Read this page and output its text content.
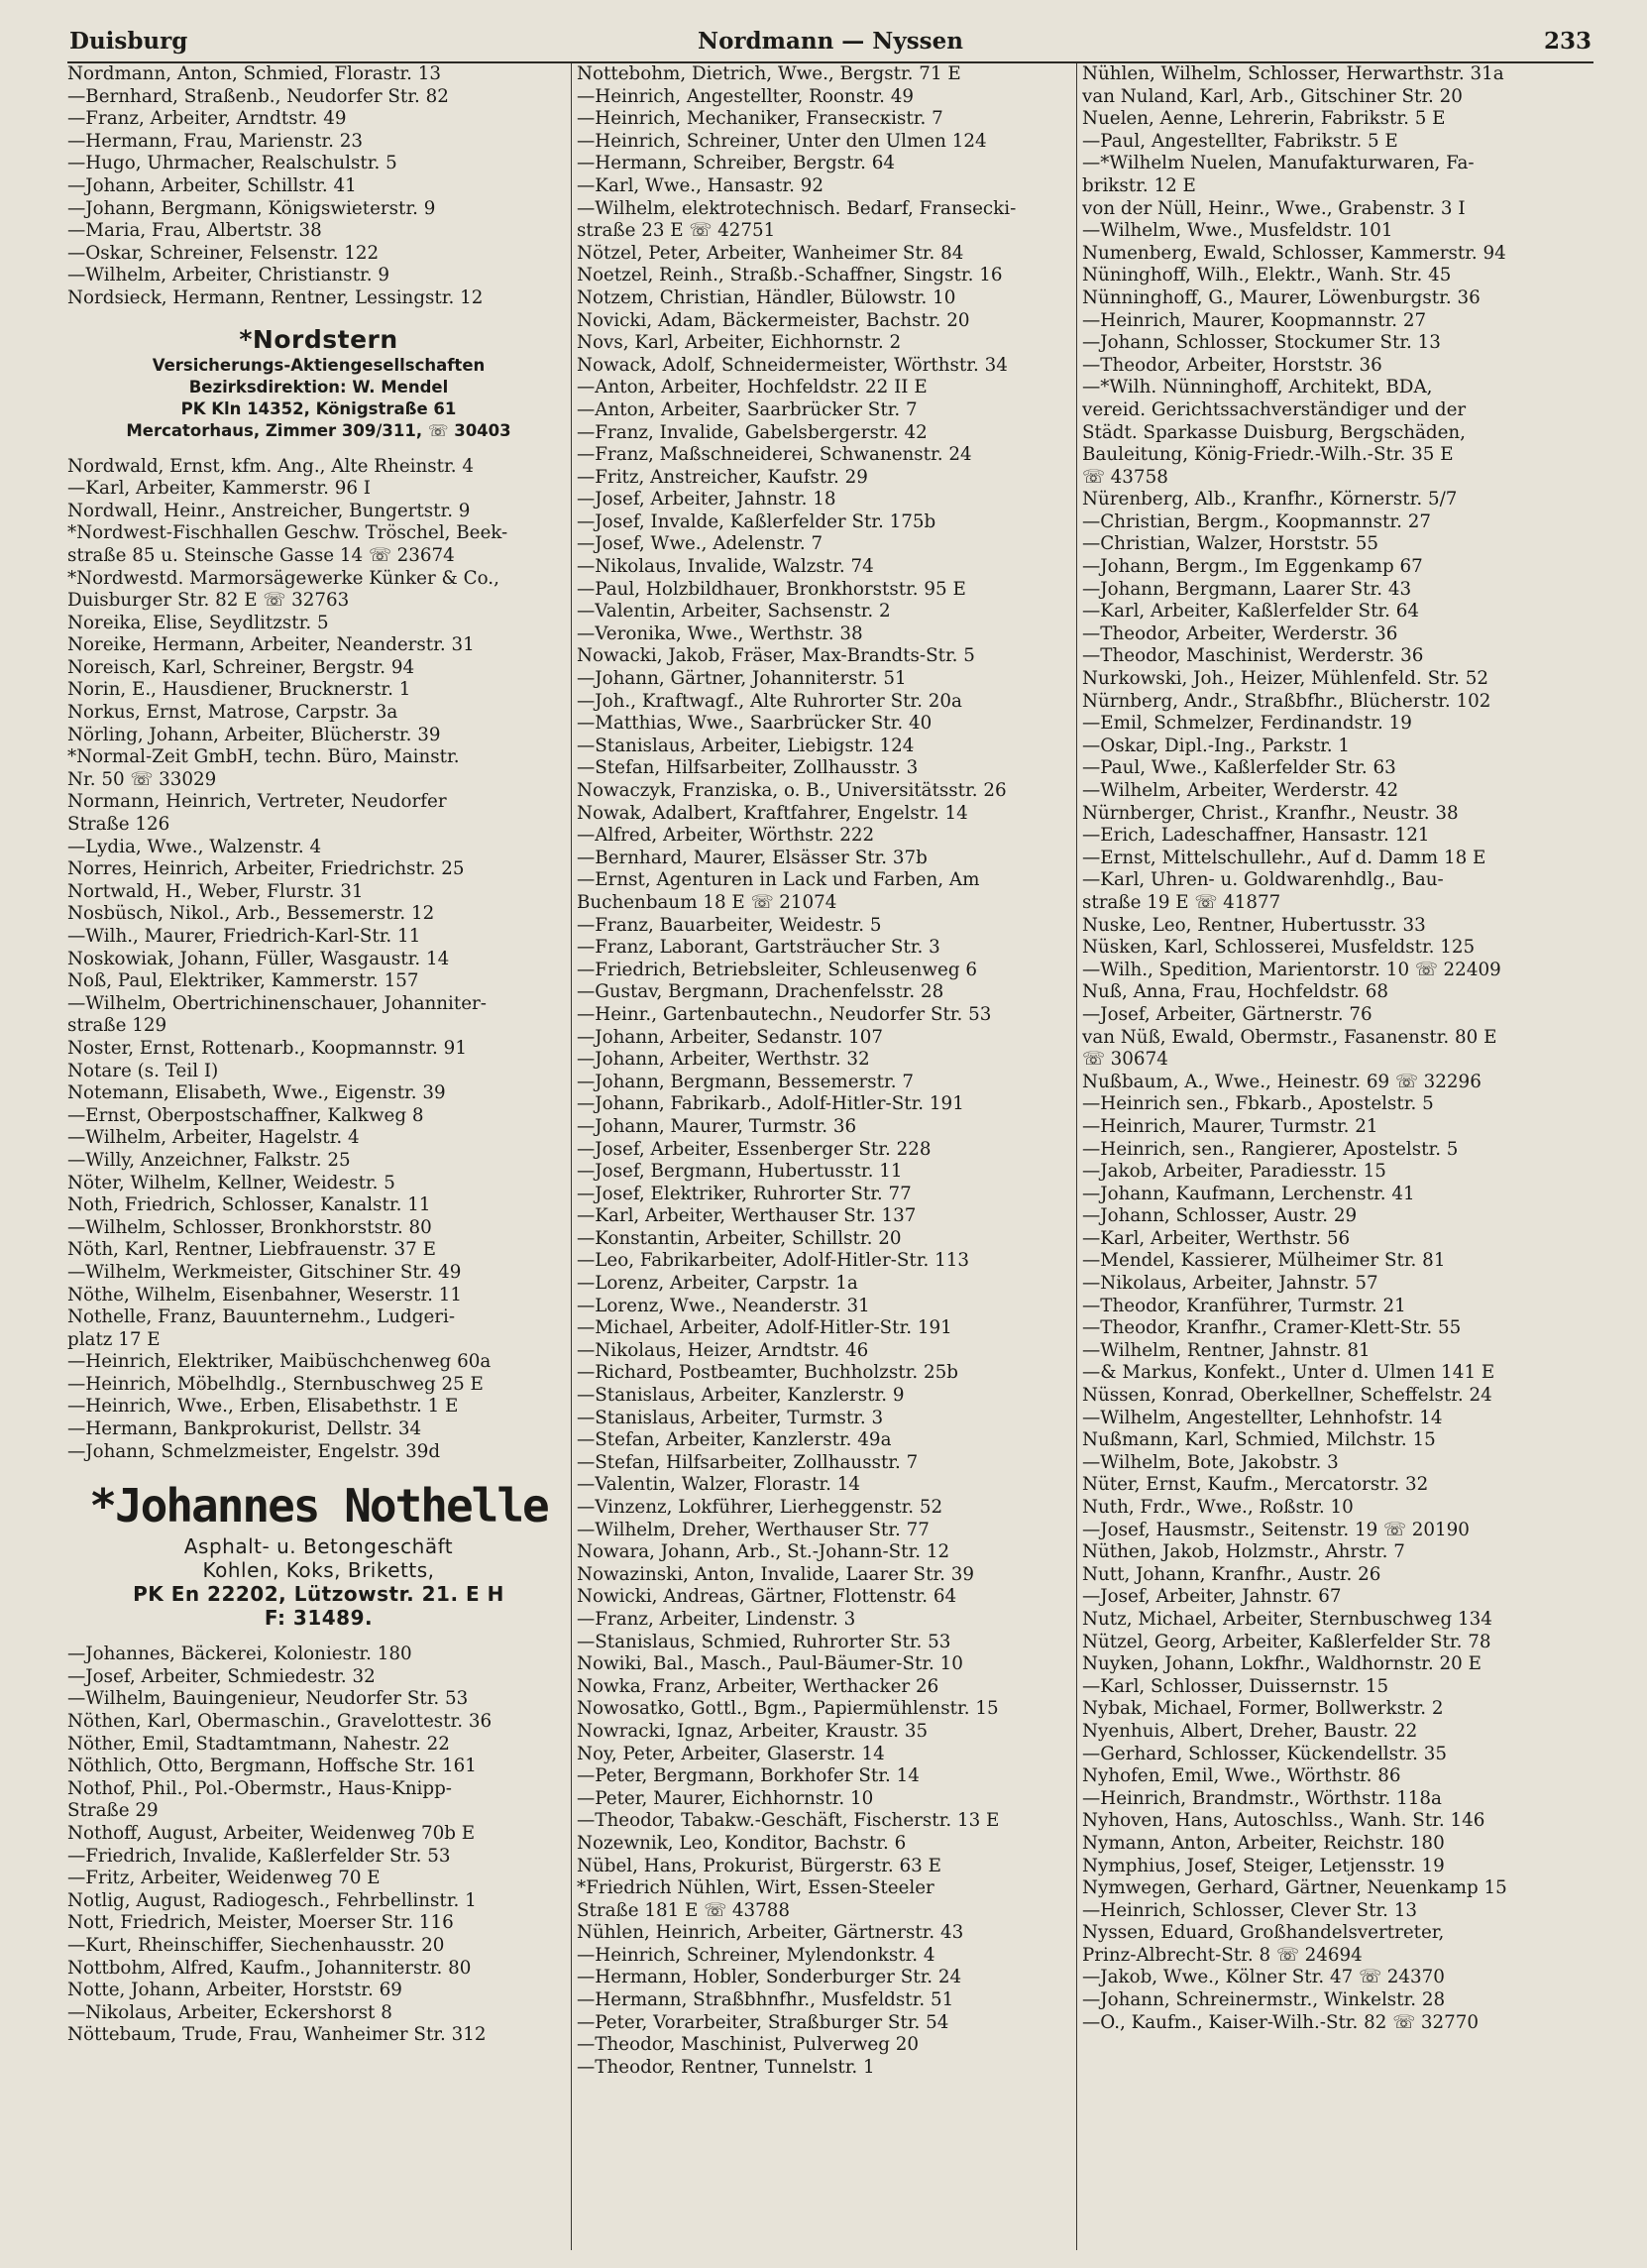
Duisburg	Nordmann — Nyssen	233
Nordmann, Anton, Schmied, Florastr. 13
—Bernhard, Straßenb., Neudorfer Str. 82
—Franz, Arbeiter, Arndtstr. 49
—Hermann, Frau, Marienstr. 23
—Hugo, Uhrmacher, Realschulstr. 5
—Johann, Arbeiter, Schillstr. 41
—Johann, Bergmann, Königswieterstr. 9
—Maria, Frau, Albertstr. 38
—Oskar, Schreiner, Felsenstr. 122
—Wilhelm, Arbeiter, Christianstr. 9
Nordsieck, Hermann, Rentner, Lessingstr. 12
*Nordstern
Versicherungs-Aktiengesellschaften
Bezirksdirektion: W. Mendel
PK Kln 14352, Königstraße 61
Mercatorhaus, Zimmer 309/311, ☏ 30403
Nordwald, Ernst, kfm. Ang., Alte Rheinstr. 4
—Karl, Arbeiter, Kammerstr. 96 I
Nordwall, Heinr., Anstreicher, Bungertstr. 9
*Nordwest-Fischhallen Geschw. Tröschel, Beek-
straße 85 u. Steinsche Gasse 14 ☏ 23674
*Nordwestd. Marmorsägewerke Künker & Co.,
Duisburger Str. 82 E ☏ 32763
Noreika, Elise, Seydlitzstr. 5
Noreike, Hermann, Arbeiter, Neanderstr. 31
Noreisch, Karl, Schreiner, Bergstr. 94
Norin, E., Hausdiener, Brucknerstr. 1
Norkus, Ernst, Matrose, Carpstr. 3a
Nörling, Johann, Arbeiter, Blücherstr. 39
*Normal-Zeit GmbH, techn. Büro, Mainstr.
Nr. 50 ☏ 33029
Normann, Heinrich, Vertreter, Neudorfer
Straße 126
—Lydia, Wwe., Walzenstr. 4
Norres, Heinrich, Arbeiter, Friedrichstr. 25
Nortwald, H., Weber, Flurstr. 31
Nosbüsch, Nikol., Arb., Bessemerstr. 12
—Wilh., Maurer, Friedrich-Karl-Str. 11
Noskowiak, Johann, Füller, Wasgaustr. 14
Noß, Paul, Elektriker, Kammerstr. 157
—Wilhelm, Obertrichinenschauer, Johanniter-
straße 129
Noster, Ernst, Rottenarb., Koopmannstr. 91
Notare (s. Teil I)
Notemann, Elisabeth, Wwe., Eigenstr. 39
—Ernst, Oberpostschaffner, Kalkweg 8
—Wilhelm, Arbeiter, Hagelstr. 4
—Willy, Anzeichner, Falkstr. 25
Nöter, Wilhelm, Kellner, Weidestr. 5
Noth, Friedrich, Schlosser, Kanalstr. 11
—Wilhelm, Schlosser, Bronkhorststr. 80
Nöth, Karl, Rentner, Liebfrauenstr. 37 E
—Wilhelm, Werkmeister, Gitschiner Str. 49
Nöthe, Wilhelm, Eisenbahner, Weserstr. 11
Nothelle, Franz, Bauunternehm., Ludgeri-
platz 17 E
—Heinrich, Elektriker, Maibüschchenweg 60a
—Heinrich, Möbelhdlg., Sternbuschweg 25 E
—Heinrich, Wwe., Erben, Elisabethstr. 1 E
—Hermann, Bankprokurist, Dellstr. 34
—Johann, Schmelzmeister, Engelstr. 39d
*Johannes Nothelle
Asphalt- u. Betongeschäft
Kohlen, Koks, Briketts,
PK En 22202, Lützowstr. 21. E H
F: 31489.
—Johannes, Bäckerei, Koloniestr. 180
—Josef, Arbeiter, Schmiedestr. 32
—Wilhelm, Bauingenieur, Neudorfer Str. 53
Nöthen, Karl, Obermaschin., Gravelottestr. 36
Nöther, Emil, Stadtamtmann, Nahestr. 22
Nöthlich, Otto, Bergmann, Hoffsche Str. 161
Nothof, Phil., Pol.-Obermstr., Haus-Knipp-
Straße 29
Nothoff, August, Arbeiter, Weidenweg 70b E
—Friedrich, Invalide, Kaßlerfelder Str. 53
—Fritz, Arbeiter, Weidenweg 70 E
Notlig, August, Radiogesch., Fehrbellinstr. 1
Nott, Friedrich, Meister, Moerser Str. 116
—Kurt, Rheinschiffer, Siechenhausstr. 20
Nottbohm, Alfred, Kaufm., Johanniterstr. 80
Notte, Johann, Arbeiter, Horststr. 69
—Nikolaus, Arbeiter, Eckershorst 8
Nöttebaum, Trude, Frau, Wanheimer Str. 312
Nottebohm, Dietrich, Wwe., Bergstr. 71 E
—Heinrich, Angestellter, Roonstr. 49
—Heinrich, Mechaniker, Fransecкistr. 7
—Heinrich, Schreiner, Unter den Ulmen 124
—Hermann, Schreiber, Bergstr. 64
—Karl, Wwe., Hansastr. 92
—Wilhelm, elektrotechnisch. Bedarf, Fransecki-
straße 23 E ☏ 42751
Nötzel, Peter, Arbeiter, Wanheimer Str. 84
Noetzel, Reinh., Straßb.-Schaffner, Singstr. 16
Notzem, Christian, Händler, Bülowstr. 10
Novicki, Adam, Bäckermeister, Bachstr. 20
Novs, Karl, Arbeiter, Eichhornstr. 2
Nowack, Adolf, Schneidermeister, Wörthstr. 34
—Anton, Arbeiter, Hochfeldstr. 22 II E
—Anton, Arbeiter, Saarbrücker Str. 7
—Franz, Invalide, Gabelsbergerstr. 42
—Franz, Maßschneiderei, Schwanenstr. 24
—Fritz, Anstreicher, Kaufstr. 29
—Josef, Arbeiter, Jahnstr. 18
—Josef, Invalde, Kaßlerfelder Str. 175b
—Josef, Wwe., Adelenstr. 7
—Nikolaus, Invalide, Walzstr. 74
—Paul, Holzbildhauer, Bronkhorststr. 95 E
—Valentin, Arbeiter, Sachsenstr. 2
—Veronika, Wwe., Werthstr. 38
Nowacki, Jakob, Fräser, Max-Brandts-Str. 5
—Johann, Gärtner, Johanniterstr. 51
—Joh., Kraftwagf., Alte Ruhrorter Str. 20a
—Matthias, Wwe., Saarbrücker Str. 40
—Stanislaus, Arbeiter, Liebigstr. 124
—Stefan, Hilfsarbeiter, Zollhausstr. 3
Nowaczyk, Franziska, o. B., Universitätsstr. 26
Nowak, Adalbert, Kraftfahrer, Engelstr. 14
—Alfred, Arbeiter, Wörthstr. 222
—Bernhard, Maurer, Elsässer Str. 37b
—Ernst, Agenturen in Lack und Farben, Am
Buchenbaum 18 E ☏ 21074
—Franz, Bauarbeiter, Weidestr. 5
—Franz, Laborant, Gartsträucher Str. 3
—Friedrich, Betriebsleiter, Schleusenweg 6
—Gustav, Bergmann, Drachenfelsstr. 28
—Heinr., Gartenbautechn., Neudorfer Str. 53
—Johann, Arbeiter, Sedanstr. 107
—Johann, Arbeiter, Werthstr. 32
—Johann, Bergmann, Bessemerstr. 7
—Johann, Fabrikarb., Adolf-Hitler-Str. 191
—Johann, Maurer, Turmstr. 36
—Josef, Arbeiter, Essenberger Str. 228
—Josef, Bergmann, Hubertusstr. 11
—Josef, Elektriker, Ruhrorter Str. 77
—Karl, Arbeiter, Werthauser Str. 137
—Konstantin, Arbeiter, Schillstr. 20
—Leo, Fabrikarbeiter, Adolf-Hitler-Str. 113
—Lorenz, Arbeiter, Carpstr. 1a
—Lorenz, Wwe., Neanderstr. 31
—Michael, Arbeiter, Adolf-Hitler-Str. 191
—Nikolaus, Heizer, Arndtstr. 46
—Richard, Postbeamter, Buchholzstr. 25b
—Stanislaus, Arbeiter, Kanzlerstr. 9
—Stanislaus, Arbeiter, Turmstr. 3
—Stefan, Arbeiter, Kanzlerstr. 49a
—Stefan, Hilfsarbeiter, Zollhausstr. 7
—Valentin, Walzer, Florastr. 14
—Vinzenz, Lokführer, Lierheggenstr. 52
—Wilhelm, Dreher, Werthauser Str. 77
Nowara, Johann, Arb., St.-Johann-Str. 12
Nowazinski, Anton, Invalide, Laarer Str. 39
Nowicki, Andreas, Gärtner, Flottenstr. 64
—Franz, Arbeiter, Lindenstr. 3
—Stanislaus, Schmied, Ruhrorter Str. 53
Nowiki, Bal., Masch., Paul-Bäumer-Str. 10
Nowka, Franz, Arbeiter, Werthacker 26
Nowosatko, Gottl., Bgm., Papiermühlenstr. 15
Nowracki, Ignaz, Arbeiter, Kraustr. 35
Noy, Peter, Arbeiter, Glaserstr. 14
—Peter, Bergmann, Borkhofer Str. 14
—Peter, Maurer, Eichhornstr. 10
—Theodor, Tabakw.-Geschäft, Fischerstr. 13 E
Nozewnik, Leo, Konditor, Bachstr. 6
Nübel, Hans, Prokurist, Bürgerstr. 63 E
*Friedrich Nühlen, Wirt, Essen-Steeler
Straße 181 E ☏ 43788
Nühlen, Heinrich, Arbeiter, Gärtnerstr. 43
—Heinrich, Schreiner, Mylendonkstr. 4
—Hermann, Hobler, Sonderburger Str. 24
—Hermann, Straßbhnfhr., Musfeldstr. 51
—Peter, Vorarbeiter, Straßburger Str. 54
—Theodor, Maschinist, Pulverweg 20
—Theodor, Rentner, Tunnelstr. 1
Nühlen, Wilhelm, Schlosser, Herwarthstr. 31a
van Nuland, Karl, Arb., Gitschiner Str. 20
Nuelen, Aenne, Lehrerin, Fabrikstr. 5 E
—Paul, Angestellter, Fabrikstr. 5 E
—*Wilhelm Nuelen, Manufakturwaren, Fa-
brikstr. 12 E
von der Nüll, Heinr., Wwe., Grabenstr. 3 I
—Wilhelm, Wwe., Musfeldstr. 101
Numenberg, Ewald, Schlosser, Kammerstr. 94
Nüninghoff, Wilh., Elektr., Wanh. Str. 45
Nünninghoff, G., Maurer, Löwenburgstr. 36
—Heinrich, Maurer, Koopmannstr. 27
—Johann, Schlosser, Stockumer Str. 13
—Theodor, Arbeiter, Horststr. 36
—*Wilh. Nünninghoff, Architekt, BDA,
vereid. Gerichtssachverständiger und der
Städt. Sparkasse Duisburg, Bergschäden,
Bauleitung, König-Friedr.-Wilh.-Str. 35 E
☏ 43758
Nürenberg, Alb., Kranfhr., Körnerstr. 5/7
—Christian, Bergm., Koopmannstr. 27
—Christian, Walzer, Horststr. 55
—Johann, Bergm., Im Eggenkamp 67
—Johann, Bergmann, Laarer Str. 43
—Karl, Arbeiter, Kaßlerfelder Str. 64
—Theodor, Arbeiter, Werderstr. 36
—Theodor, Maschinist, Werderstr. 36
Nurkowski, Joh., Heizer, Mühlenfeld. Str. 52
Nürnberg, Andr., Straßbfhr., Blücherstr. 102
—Emil, Schmelzer, Ferdinandstr. 19
—Oskar, Dipl.-Ing., Parkstr. 1
—Paul, Wwe., Kaßlerfelder Str. 63
—Wilhelm, Arbeiter, Werderstr. 42
Nürnberger, Christ., Kranfhr., Neustr. 38
—Erich, Ladeschaffner, Hansastr. 121
—Ernst, Mittelschullehr., Auf d. Damm 18 E
—Karl, Uhren- u. Goldwarenhdlg., Bau-
straße 19 E ☏ 41877
Nuske, Leo, Rentner, Hubertusstr. 33
Nüsken, Karl, Schlosserei, Musfeldstr. 125
—Wilh., Spedition, Marientorstr. 10 ☏ 22409
Nuß, Anna, Frau, Hochfeldstr. 68
—Josef, Arbeiter, Gärtnerstr. 76
van Nüß, Ewald, Obermstr., Fasanenstr. 80 E
☏ 30674
Nußbaum, A., Wwe., Heinestr. 69 ☏ 32296
—Heinrich sen., Fbkarb., Apostelstr. 5
—Heinrich, Maurer, Turmstr. 21
—Heinrich, sen., Rangierer, Apostelstr. 5
—Jakob, Arbeiter, Paradiesstr. 15
—Johann, Kaufmann, Lerchenstr. 41
—Johann, Schlosser, Austr. 29
—Karl, Arbeiter, Werthstr. 56
—Mendel, Kassierer, Mülheimer Str. 81
—Nikolaus, Arbeiter, Jahnstr. 57
—Theodor, Kranführer, Turmstr. 21
—Theodor, Kranfhr., Cramer-Klett-Str. 55
—Wilhelm, Rentner, Jahnstr. 81
—& Markus, Konfekt., Unter d. Ulmen 141 E
Nüssen, Konrad, Oberkellner, Scheffelstr. 24
—Wilhelm, Angestellter, Lehnhofstr. 14
Nußmann, Karl, Schmied, Milchstr. 15
—Wilhelm, Bote, Jakobstr. 3
Nüter, Ernst, Kaufm., Mercatorstr. 32
Nuth, Frdr., Wwe., Roßstr. 10
—Josef, Hausmstr., Seitenstr. 19 ☏ 20190
Nüthen, Jakob, Holzmstr., Ahrstr. 7
Nutt, Johann, Kranfhr., Austr. 26
—Josef, Arbeiter, Jahnstr. 67
Nutz, Michael, Arbeiter, Sternbuschweg 134
Nützel, Georg, Arbeiter, Kaßlerfelder Str. 78
Nuyken, Johann, Lokfhr., Waldhornstr. 20 E
—Karl, Schlosser, Duissernstr. 15
Nybak, Michael, Former, Bollwerkstr. 2
Nyenhuis, Albert, Dreher, Baustr. 22
—Gerhard, Schlosser, Kückendellstr. 35
Nyhofen, Emil, Wwe., Wörthstr. 86
—Heinrich, Brandmstr., Wörthstr. 118a
Nyhoven, Hans, Autoschlss., Wanh. Str. 146
Nymann, Anton, Arbeiter, Reichstr. 180
Nymphius, Josef, Steiger, Letjensstr. 19
Nymwegen, Gerhard, Gärtner, Neuenkamp 15
—Heinrich, Schlosser, Clever Str. 13
Nyssen, Eduard, Großhandelsvertreter,
Prinz-Albrecht-Str. 8 ☏ 24694
—Jakob, Wwe., Kölner Str. 47 ☏ 24370
—Johann, Schreinermstr., Winkelstr. 28
—O., Kaufm., Kaiser-Wilh.-Str. 82 ☏ 32770
